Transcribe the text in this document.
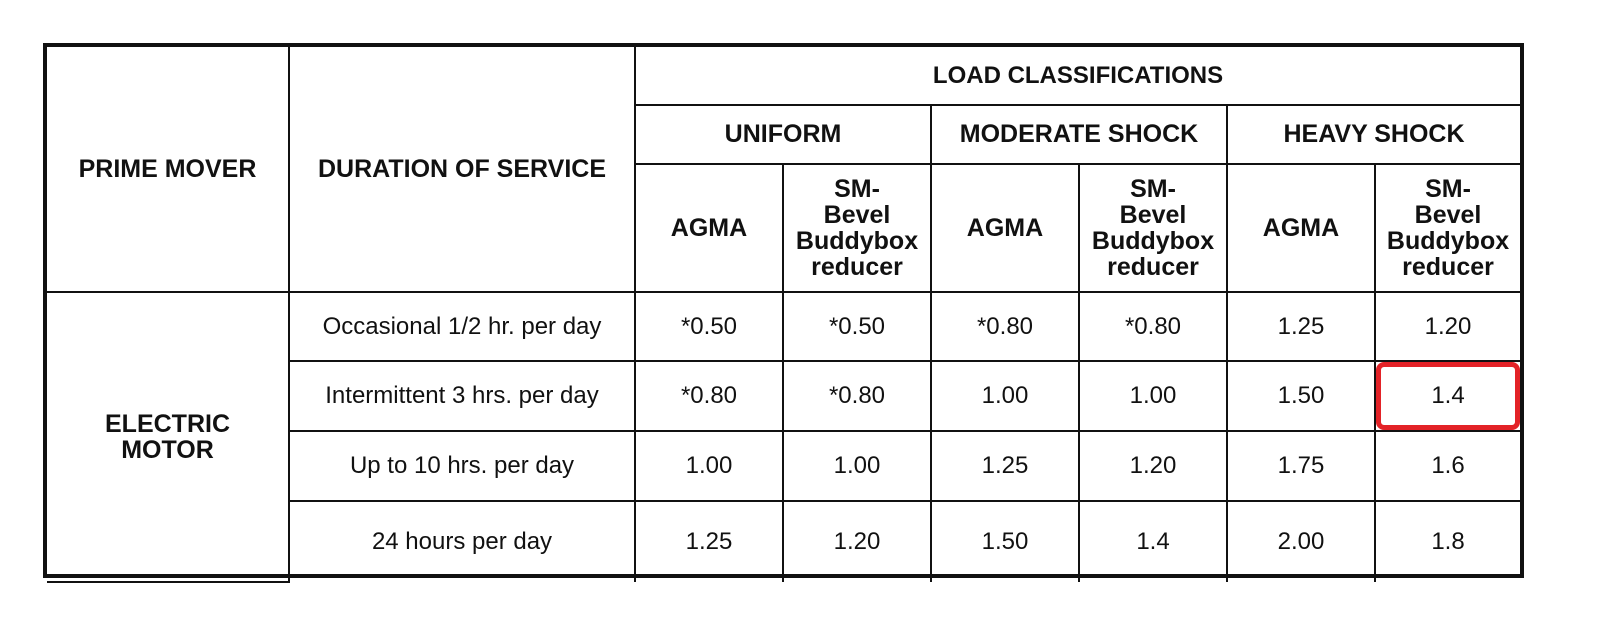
PRIME MOVER	DURATION OF SERVICE	LOAD CLASSIFICATIONS					
		UNIFORM		MODERATE SHOCK		HEAVY SHOCK	
		AGMA	SM-
Bevel
Buddybox
reducer	AGMA	SM-
Bevel
Buddybox
reducer	AGMA	SM-
Bevel
Buddybox
reducer
ELECTRIC
MOTOR	Occasional 1/2 hr. per day	*0.50	*0.50	*0.80	*0.80	1.25	1.20
	Intermittent 3 hrs. per day	*0.80	*0.80	1.00	1.00	1.50	1.4

	Up to 10 hrs. per day	1.00	1.00	1.25	1.20	1.75	1.6
	24 hours per day	1.25	1.20	1.50	1.4	2.00	1.8
